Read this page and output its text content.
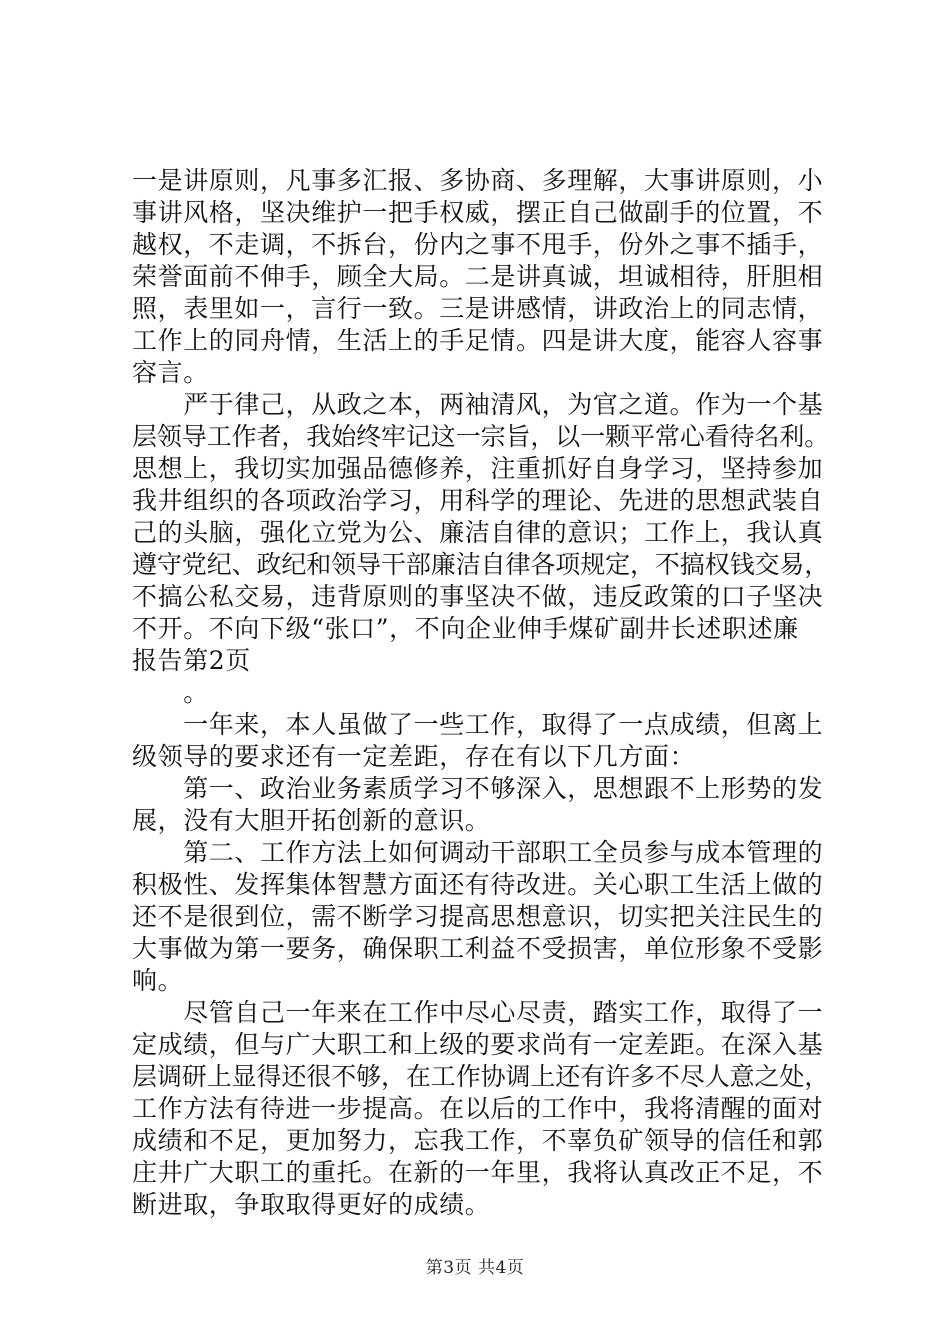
一是讲原则，凡事多汇报、多协商、多理解，大事讲原则，小
事讲风格，坚决维护一把手权威，摆正自己做副手的位置，不
越权，不走调，不拆台，份内之事不甩手，份外之事不插手，
荣誉面前不伸手，顾全大局。二是讲真诚，坦诚相待，肝胆相
照，表里如一，言行一致。三是讲感情，讲政治上的同志情，
工作上的同舟情，生活上的手足情。四是讲大度，能容人容事
容言。
　　严于律己，从政之本，两袖清风，为官之道。作为一个基
层领导工作者，我始终牢记这一宗旨，以一颗平常心看待名利。
思想上，我切实加强品德修养，注重抓好自身学习，坚持参加
我井组织的各项政治学习，用科学的理论、先进的思想武装自
己的头脑，强化立党为公、廉洁自律的意识；工作上，我认真
遵守党纪、政纪和领导干部廉洁自律各项规定，不搞权钱交易，
不搞公私交易，违背原则的事坚决不做，违反政策的口子坚决
不开。不向下级“张口”，不向企业伸手煤矿副井长述职述廉
报告第2页
　　。
　　一年来，本人虽做了一些工作，取得了一点成绩，但离上
级领导的要求还有一定差距，存在有以下几方面：
　　第一、政治业务素质学习不够深入，思想跟不上形势的发
展，没有大胆开拓创新的意识。
　　第二、工作方法上如何调动干部职工全员参与成本管理的
积极性、发挥集体智慧方面还有待改进。关心职工生活上做的
还不是很到位，需不断学习提高思想意识，切实把关注民生的
大事做为第一要务，确保职工利益不受损害，单位形象不受影
响。
　　尽管自己一年来在工作中尽心尽责，踏实工作，取得了一
定成绩，但与广大职工和上级的要求尚有一定差距。在深入基
层调研上显得还很不够，在工作协调上还有许多不尽人意之处，
工作方法有待进一步提高。在以后的工作中，我将清醒的面对
成绩和不足，更加努力，忘我工作，不辜负矿领导的信任和郭
庄井广大职工的重托。在新的一年里，我将认真改正不足，不
断进取，争取取得更好的成绩。
第3页 共4页
